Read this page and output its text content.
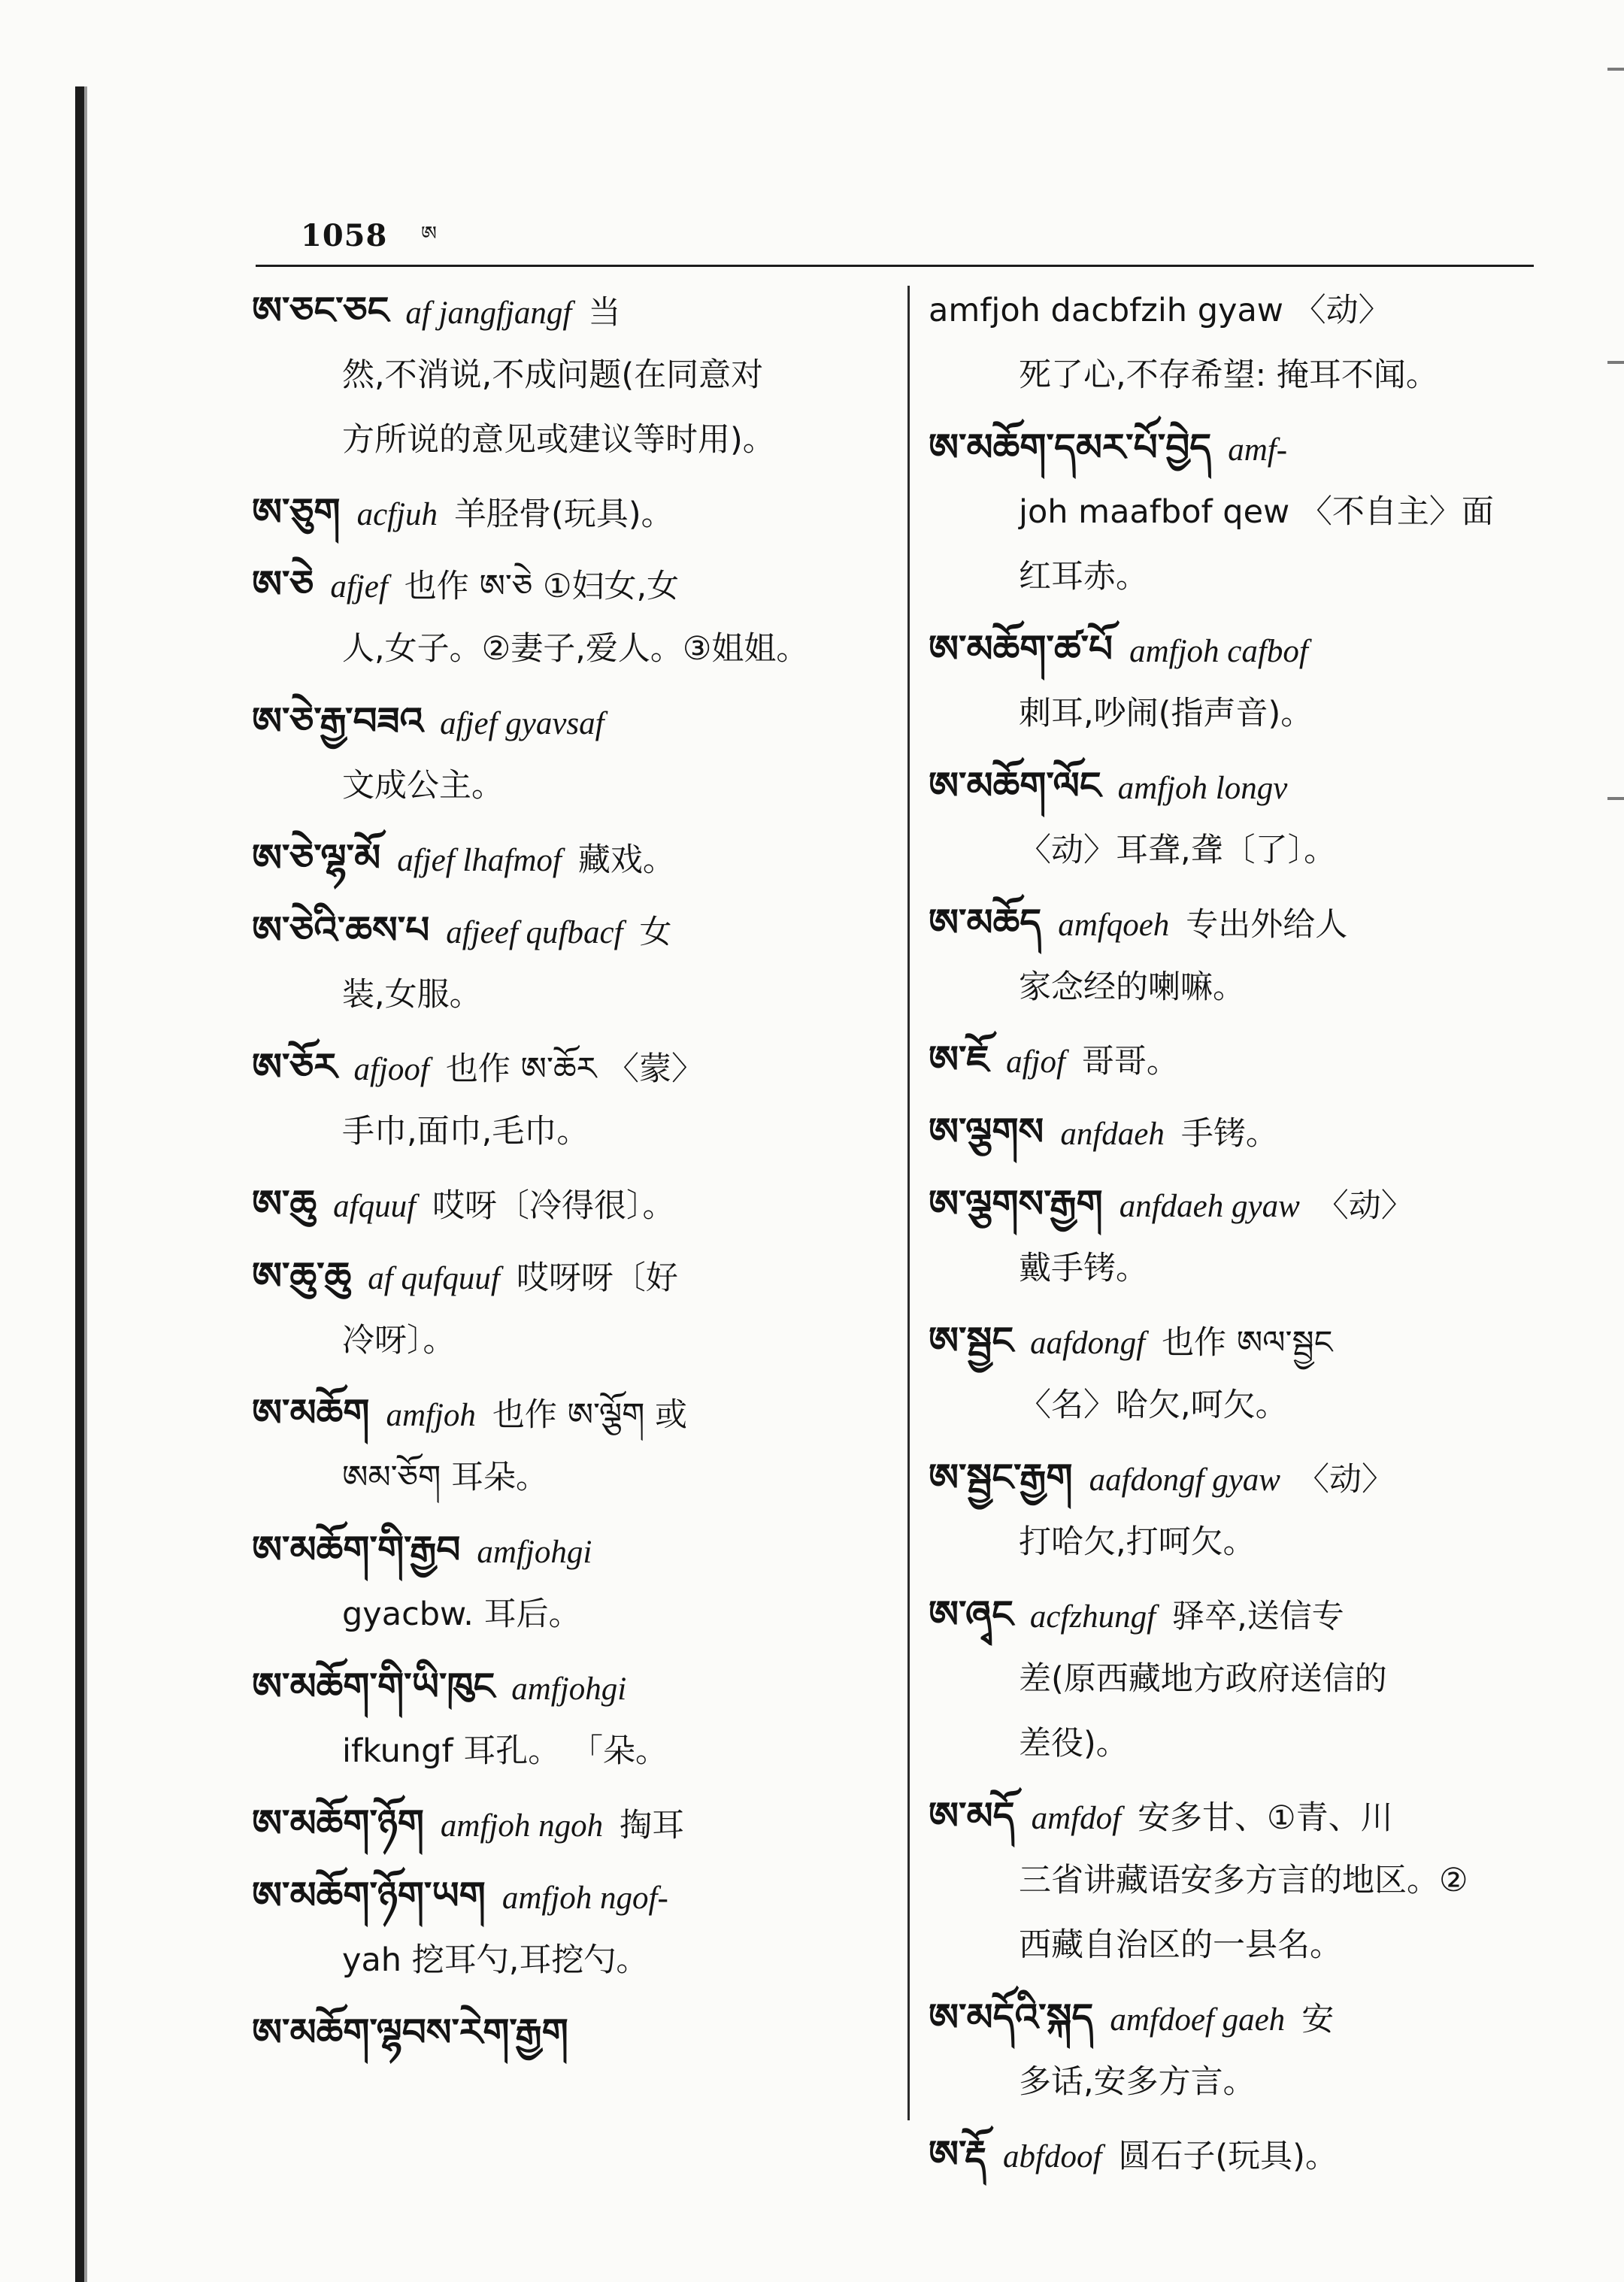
1058 ཨ
ཨ་ཅང་ཅང af jangfjangf 当
然,不消说,不成问题(在同意对
方所说的意见或建议等时用)。
ཨ་ཅུག acfjuh 羊胫骨(玩具)。
ཨ་ཅེ afjef 也作 ཨ་ཅེ ①妇女,女
人,女子。②妻子,爱人。③姐姐。
ཨ་ཅེ་རྒྱ་བཟའ afjef gyavsaf
文成公主。
ཨ་ཅེ་ལྷ་མོ afjef lhafmof 藏戏。
ཨ་ཅེའི་ཆས་པ afjeef qufbacf 女
装,女服。
ཨ་ཅོར afjoof 也作 ཨ་ཆོར 〈蒙〉
手巾,面巾,毛巾。
ཨ་ཆུ afquuf 哎呀〔冷得很〕。
ཨ་ཆུ་ཆུ af qufquuf 哎呀呀〔好
冷呀〕。
ཨ་མཆོག amfjoh 也作 ཨ་ལྕོག 或
ཨམ་ཅོག 耳朵。
ཨ་མཆོག་གི་རྒྱབ amfjohgi
gyacbw. 耳后。
ཨ་མཆོག་གི་ཡི་ཁུང amfjohgi
ifkungf 耳孔。 「朵。
ཨ་མཆོག་ཉོག amfjoh ngoh 掏耳
ཨ་མཆོག་ཉོག་ཡག amfjoh ngof-
yah 挖耳勺,耳挖勺。
ཨ་མཆོག་ལྷབས་རེག་རྒྱག
amfjoh dacbfzih gyaw 〈动〉
死了心,不存希望: 掩耳不闻。
ཨ་མཆོག་དམར་པོ་བྱེད amf-
joh maafbof qew 〈不自主〉面
红耳赤。
ཨ་མཆོག་ཚ་པོ amfjoh cafbof
刺耳,吵闹(指声音)。
ཨ་མཆོག་ལོང amfjoh longv
〈动〉耳聋,聋〔了〕。
ཨ་མཆོད amfqoeh 专出外给人
家念经的喇嘛。
ཨ་ཇོ afjof 哥哥。
ཨ་ལྕགས anfdaeh 手铐。
ཨ་ལྕགས་རྒྱག anfdaeh gyaw 〈动〉
戴手铐。
ཨ་སྦྱང aafdongf 也作 ཨལ་སྦྱང
〈名〉哈欠,呵欠。
ཨ་སྦྱང་རྒྱག aafdongf gyaw 〈动〉
打哈欠,打呵欠。
ཨ་ཞྭང acfzhungf 驿卒,送信专
差(原西藏地方政府送信的
差役)。
ཨ་མདོ amfdof 安多甘、①青、川
三省讲藏语安多方言的地区。②
西藏自治区的一县名。
ཨ་མདོའི་སྐད amfdoef gaeh 安
多话,安多方言。
ཨ་རྡོ abfdoof 圆石子(玩具)。
